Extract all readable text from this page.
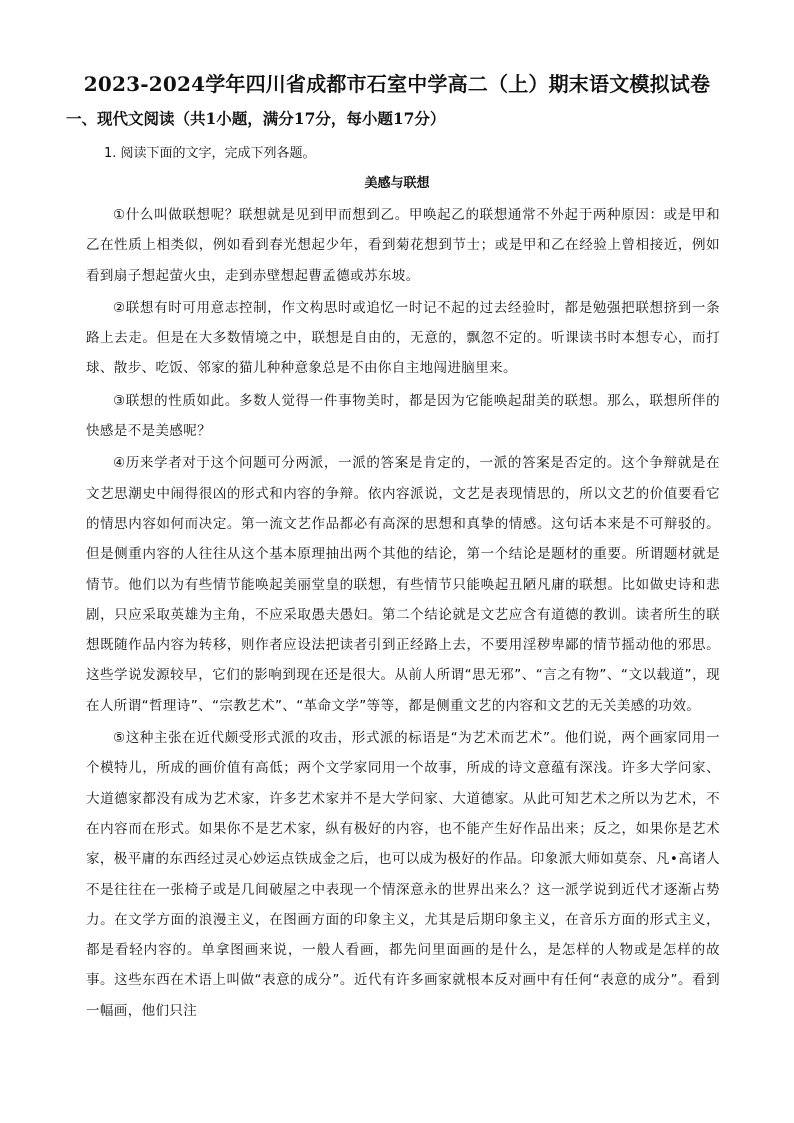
2023-2024学年四川省成都市石室中学高二（上）期末语文模拟试卷
一、现代文阅读（共1小题，满分17分，每小题17分）
1. 阅读下面的文字，完成下列各题。
美感与联想

①什么叫做联想呢？联想就是见到甲而想到乙。甲唤起乙的联想通常不外起于两种原因：或是甲和乙在性质上相类似，例如看到春光想起少年，看到菊花想到节士；或是甲和乙在经验上曾相接近，例如看到扇子想起萤火虫，走到赤壁想起曹孟德或苏东坡。

②联想有时可用意志控制，作文构思时或追忆一时记不起的过去经验时，都是勉强把联想挤到一条路上去走。但是在大多数情境之中，联想是自由的，无意的，飘忽不定的。听课读书时本想专心，而打球、散步、吃饭、邻家的猫儿种种意象总是不由你自主地闯进脑里来。

③联想的性质如此。多数人觉得一件事物美时，都是因为它能唤起甜美的联想。那么，联想所伴的快感是不是美感呢？

④历来学者对于这个问题可分两派，一派的答案是肯定的，一派的答案是否定的。这个争辩就是在文艺思潮史中闹得很凶的形式和内容的争辩。依内容派说，文艺是表现情思的，所以文艺的价值要看它的情思内容如何而决定。第一流文艺作品都必有高深的思想和真挚的情感。这句话本来是不可辩驳的。但是侧重内容的人往往从这个基本原理抽出两个其他的结论，第一个结论是题材的重要。所谓题材就是情节。他们以为有些情节能唤起美丽堂皇的联想，有些情节只能唤起丑陋凡庸的联想。比如做史诗和悲剧，只应采取英雄为主角，不应采取愚夫愚妇。第二个结论就是文艺应含有道德的教训。读者所生的联想既随作品内容为转移，则作者应设法把读者引到正经路上去，不要用淫秽卑鄙的情节摇动他的邪思。这些学说发源较早，它们的影响到现在还是很大。从前人所谓“思无邪”、“言之有物”、“文以载道”，现在人所谓“哲理诗”、“宗教艺术”、“革命文学”等等，都是侧重文艺的内容和文艺的无关美感的功效。

⑤这种主张在近代颇受形式派的攻击，形式派的标语是“为艺术而艺术”。他们说，两个画家同用一个模特儿，所成的画价值有高低；两个文学家同用一个故事，所成的诗文意蕴有深浅。许多大学问家、大道德家都没有成为艺术家，许多艺术家并不是大学问家、大道德家。从此可知艺术之所以为艺术，不在内容而在形式。如果你不是艺术家，纵有极好的内容，也不能产生好作品出来；反之，如果你是艺术家，极平庸的东西经过灵心妙运点铁成金之后，也可以成为极好的作品。印象派大师如莫奈、凡•高诸人不是往往在一张椅子或是几间破屋之中表现一个情深意永的世界出来么？这一派学说到近代才逐渐占势力。在文学方面的浪漫主义，在图画方面的印象主义，尤其是后期印象主义，在音乐方面的形式主义，都是看轻内容的。单拿图画来说，一般人看画，都先问里面画的是什么，是怎样的人物或是怎样的故事。这些东西在术语上叫做“表意的成分”。近代有许多画家就根本反对画中有任何“表意的成分”。看到一幅画，他们只注
